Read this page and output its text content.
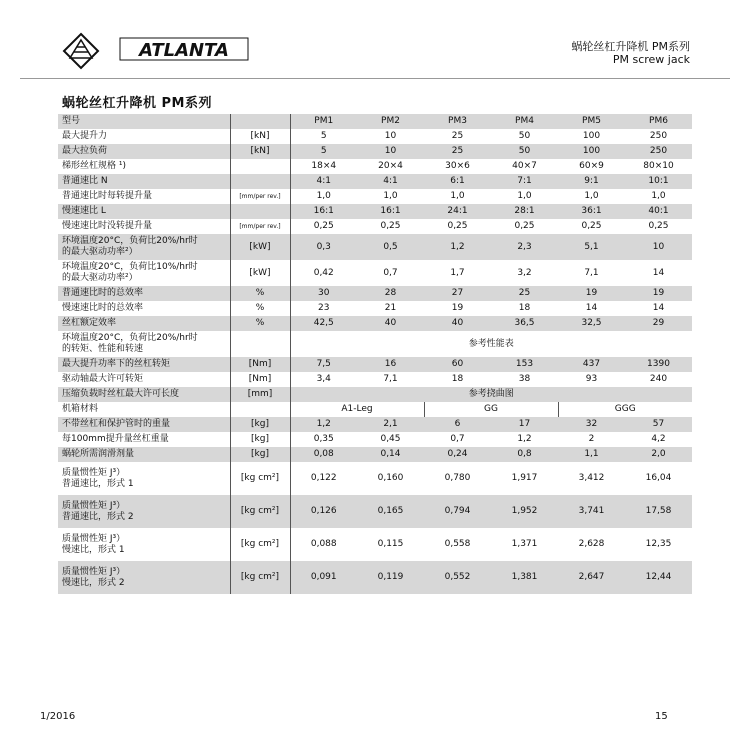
ATLANTA	蜗轮丝杠升降机 PM系列
PM screw jack
蜗轮丝杠升降机 PM系列
型号		PM1	PM2	PM3	PM4	PM5	PM6
最大提升力	[kN]	5	10	25	50	100	250
最大拉负荷	[kN]	5	10	25	50	100	250
梯形丝杠规格 ¹)		18×4	20×4	30×6	40×7	60×9	80×10
普通速比 N		4:1	4:1	6:1	7:1	9:1	10:1
普通速比时每转提升量	[mm/per rev.]	1,0	1,0	1,0	1,0	1,0	1,0
慢速速比 L		16:1	16:1	24:1	28:1	36:1	40:1
慢速速比时没转提升量	[mm/per rev.]	0,25	0,25	0,25	0,25	0,25	0,25

环境温度20°C，负荷比20%/hr时
的最大驱动功率²）	[kW]	0,3	0,5	1,2	2,3	5,1	10

环境温度20°C，负荷比10%/hr时
的最大驱动功率²）	[kW]	0,42	0,7	1,7	3,2	7,1	14
普通速比时的总效率	%	30	28	27	25	19	19
慢速速比时的总效率	%	23	21	19	18	14	14
丝杠额定效率	%	42,5	40	40	36,5	32,5	29

环境温度20°C，负荷比20%/hr时
的转矩、性能和转速		参考性能表					
最大提升功率下的丝杠转矩	[Nm]	7,5	16	60	153	437	1390
驱动轴最大许可转矩	[Nm]	3,4	7,1	18	38	93	240
压缩负载时丝杠最大许可长度	[mm]	参考挠曲图					
机箱材料		A1-Leg		GG		GGG	
不带丝杠和保护管时的重量	[kg]	1,2	2,1	6	17	32	57
每100mm提升量丝杠重量	[kg]	0,35	0,45	0,7	1,2	2	4,2
蜗轮所需润滑剂量	[kg]	0,08	0,14	0,24	0,8	1,1	2,0

质量惯性矩 J³）
普通速比，形式 1	[kg cm²]	0,122	0,160	0,780	1,917	3,412	16,04

质量惯性矩 J³）
普通速比，形式 2	[kg cm²]	0,126	0,165	0,794	1,952	3,741	17,58

质量惯性矩 J³）
慢速比，形式 1	[kg cm²]	0,088	0,115	0,558	1,371	2,628	12,35

质量惯性矩 J³）
慢速比，形式 2	[kg cm²]	0,091	0,119	0,552	1,381	2,647	12,44
1/2016	15
